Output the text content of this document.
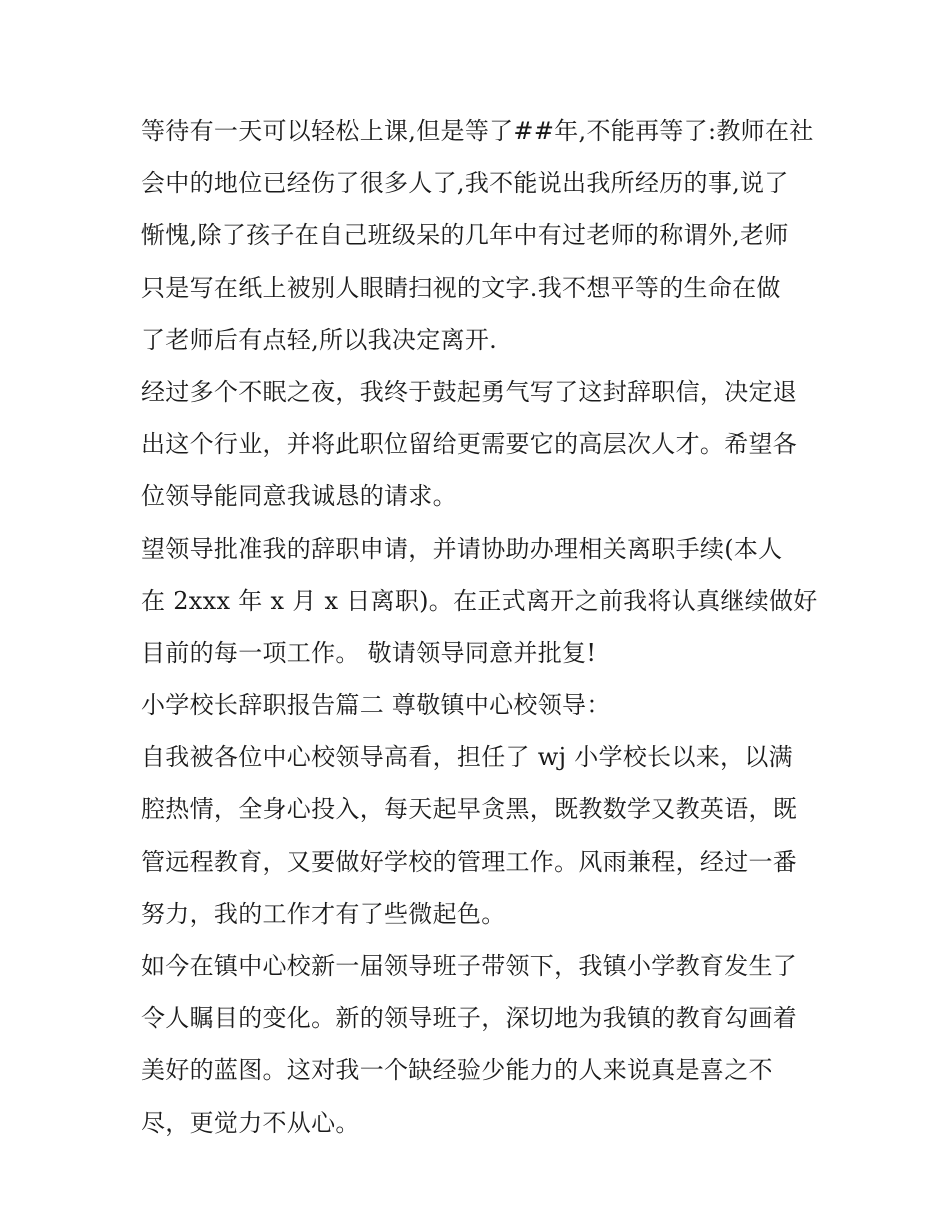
等待有一天可以轻松上课,但是等了##年,不能再等了:教师在社
会中的地位已经伤了很多人了,我不能说出我所经历的事,说了
惭愧,除了孩子在自己班级呆的几年中有过老师的称谓外,老师
只是写在纸上被别人眼睛扫视的文字.我不想平等的生命在做
了老师后有点轻,所以我决定离开.
经过多个不眠之夜，我终于鼓起勇气写了这封辞职信，决定退
出这个行业，并将此职位留给更需要它的高层次人才。希望各
位领导能同意我诚恳的请求。
望领导批准我的辞职申请，并请协助办理相关离职手续(本人
在 2xxx 年 x 月 x 日离职)。在正式离开之前我将认真继续做好
目前的每一项工作。 敬请领导同意并批复!
小学校长辞职报告篇二 尊敬镇中心校领导：
自我被各位中心校领导高看，担任了 wj 小学校长以来，以满
腔热情，全身心投入，每天起早贪黑，既教数学又教英语，既
管远程教育，又要做好学校的管理工作。风雨兼程，经过一番
努力，我的工作才有了些微起色。
如今在镇中心校新一届领导班子带领下，我镇小学教育发生了
令人瞩目的变化。新的领导班子，深切地为我镇的教育勾画着
美好的蓝图。这对我一个缺经验少能力的人来说真是喜之不
尽，更觉力不从心。
